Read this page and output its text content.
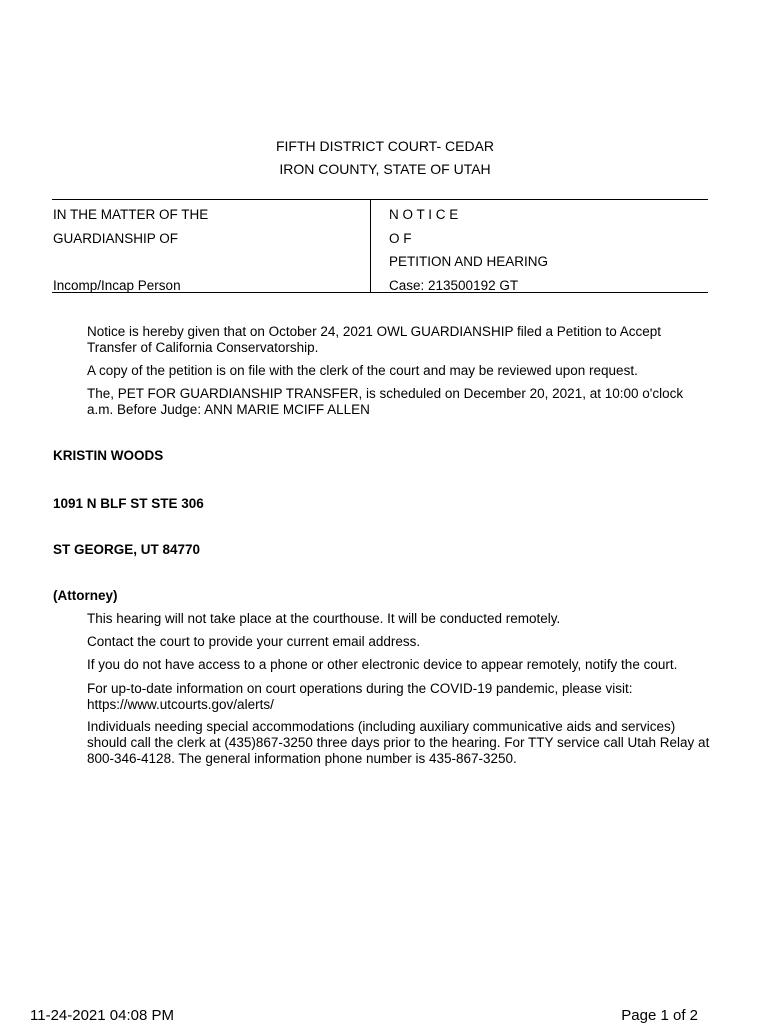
FIFTH DISTRICT COURT- CEDAR
IRON COUNTY, STATE OF UTAH
IN THE MATTER OF THE
GUARDIANSHIP OF
Incomp/Incap Person
N O T I C E
O F
PETITION AND HEARING
Case: 213500192 GT
Notice is hereby given that on October 24, 2021 OWL GUARDIANSHIP filed a Petition to Accept Transfer of California Conservatorship.
A copy of the petition is on file with the clerk of the court and may be reviewed upon request.
The, PET FOR GUARDIANSHIP TRANSFER, is scheduled on December 20, 2021, at 10:00 o'clock a.m. Before Judge: ANN MARIE MCIFF ALLEN
KRISTIN WOODS
1091 N BLF ST STE 306
ST GEORGE, UT 84770
(Attorney)
This hearing will not take place at the courthouse. It will be conducted remotely.
Contact the court to provide your current email address.
If you do not have access to a phone or other electronic device to appear remotely, notify the court.
For up-to-date information on court operations during the COVID-19 pandemic, please visit: https://www.utcourts.gov/alerts/
Individuals needing special accommodations (including auxiliary communicative aids and services) should call the clerk at (435)867-3250 three days prior to the hearing. For TTY service call Utah Relay at 800-346-4128. The general information phone number is 435-867-3250.
11-24-2021 04:08 PM	Page 1 of 2
